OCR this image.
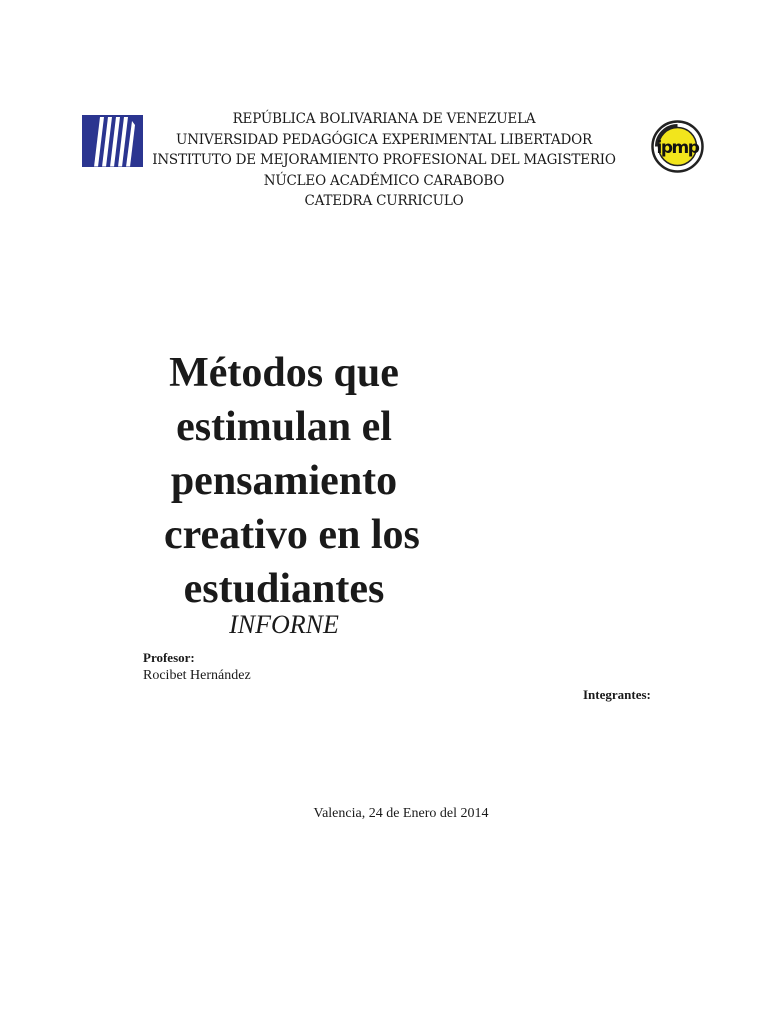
REPÚBLICA BOLIVARIANA DE VENEZUELA
UNIVERSIDAD PEDAGÓGICA EXPERIMENTAL LIBERTADOR
INSTITUTO DE MEJORAMIENTO PROFESIONAL DEL MAGISTERIO
NÚCLEO ACADÉMICO CARABOBO
CATEDRA CURRICULO
ipmp
Métodos que
estimulan el
pensamiento
creativo en los
estudiantes
INFORNE
Profesor:
Rocibet Hernández
Integrantes:
Valencia, 24 de Enero del 2014
